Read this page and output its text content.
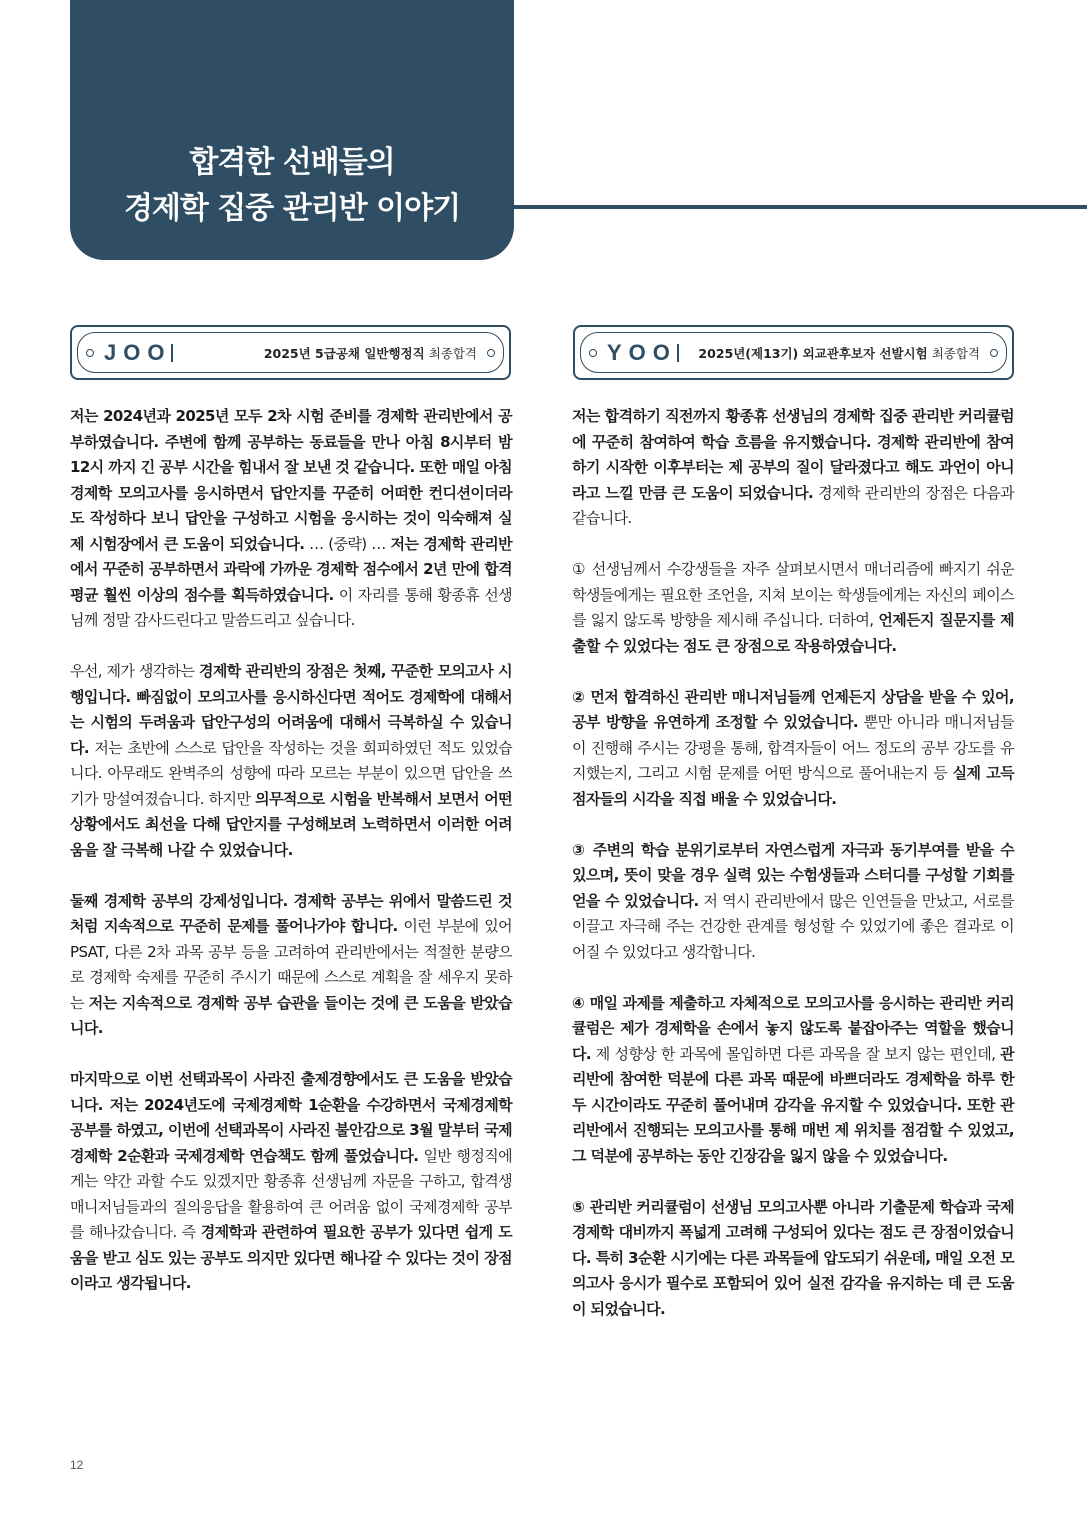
합격한 선배들의
경제학 집중 관리반 이야기
JOO	2025년 5급공채 일반행정직 최종합격	YOO 2025년(제13기) 외교관후보자 선발시험 최종합격

저는 2024년과 2025년 모두 2차 시험 준비를 경제학 관리반에서 공부하였습니다. 주변에 함께 공부하는 동료들을 만나 아침 8시부터 밤 12시 까지 긴 공부 시간을 힘내서 잘 보낸 것 같습니다. 또한 매일 아침 경제학 모의고사를 응시하면서 답안지를 꾸준히 어떠한 컨디션이더라도 작성하다 보니 답안을 구성하고 시험을 응시하는 것이 익숙해져 실제 시험장에서 큰 도움이 되었습니다. … (중략) … 저는 경제학 관리반에서 꾸준히 공부하면서 과락에 가까운 경제학 점수에서 2년 만에 합격 평균 훨씬 이상의 점수를 획득하였습니다. 이 자리를 통해 황종휴 선생님께 정말 감사드린다고 말씀드리고 싶습니다.

우선, 제가 생각하는 경제학 관리반의 장점은 첫째, 꾸준한 모의고사 시행입니다. 빠짐없이 모의고사를 응시하신다면 적어도 경제학에 대해서는 시험의 두려움과 답안구성의 어려움에 대해서 극복하실 수 있습니다. 저는 초반에 스스로 답안을 작성하는 것을 회피하였던 적도 있었습니다. 아무래도 완벽주의 성향에 따라 모르는 부분이 있으면 답안을 쓰기가 망설여졌습니다. 하지만 의무적으로 시험을 반복해서 보면서 어떤 상황에서도 최선을 다해 답안지를 구성해보려 노력하면서 이러한 어려움을 잘 극복해 나갈 수 있었습니다.

둘째 경제학 공부의 강제성입니다. 경제학 공부는 위에서 말씀드린 것처럼 지속적으로 꾸준히 문제를 풀어나가야 합니다. 이런 부분에 있어 PSAT, 다른 2차 과목 공부 등을 고려하여 관리반에서는 적절한 분량으로 경제학 숙제를 꾸준히 주시기 때문에 스스로 계획을 잘 세우지 못하는 저는 지속적으로 경제학 공부 습관을 들이는 것에 큰 도움을 받았습니다.

마지막으로 이번 선택과목이 사라진 출제경향에서도 큰 도움을 받았습니다. 저는 2024년도에 국제경제학 1순환을 수강하면서 국제경제학 공부를 하였고, 이번에 선택과목이 사라진 불안감으로 3월 말부터 국제경제학 2순환과 국제경제학 연습책도 함께 풀었습니다. 일반 행정직에게는 약간 과할 수도 있겠지만 황종휴 선생님께 자문을 구하고, 합격생 매니저님들과의 질의응답을 활용하여 큰 어려움 없이 국제경제학 공부를 해나갔습니다. 즉 경제학과 관련하여 필요한 공부가 있다면 쉽게 도움을 받고 심도 있는 공부도 의지만 있다면 해나갈 수 있다는 것이 장점이라고 생각됩니다.

저는 합격하기 직전까지 황종휴 선생님의 경제학 집중 관리반 커리큘럼에 꾸준히 참여하여 학습 흐름을 유지했습니다. 경제학 관리반에 참여하기 시작한 이후부터는 제 공부의 질이 달라졌다고 해도 과언이 아니라고 느낄 만큼 큰 도움이 되었습니다. 경제학 관리반의 장점은 다음과 같습니다.

① 선생님께서 수강생들을 자주 살펴보시면서 매너리즘에 빠지기 쉬운 학생들에게는 필요한 조언을, 지쳐 보이는 학생들에게는 자신의 페이스를 잃지 않도록 방향을 제시해 주십니다. 더하여, 언제든지 질문지를 제출할 수 있었다는 점도 큰 장점으로 작용하였습니다.

② 먼저 합격하신 관리반 매니저님들께 언제든지 상담을 받을 수 있어, 공부 방향을 유연하게 조정할 수 있었습니다. 뿐만 아니라 매니저님들이 진행해 주시는 강평을 통해, 합격자들이 어느 정도의 공부 강도를 유지했는지, 그리고 시험 문제를 어떤 방식으로 풀어내는지 등 실제 고득점자들의 시각을 직접 배울 수 있었습니다.

③ 주변의 학습 분위기로부터 자연스럽게 자극과 동기부여를 받을 수 있으며, 뜻이 맞을 경우 실력 있는 수험생들과 스터디를 구성할 기회를 얻을 수 있었습니다. 저 역시 관리반에서 많은 인연들을 만났고, 서로를 이끌고 자극해 주는 건강한 관계를 형성할 수 있었기에 좋은 결과로 이어질 수 있었다고 생각합니다.

④ 매일 과제를 제출하고 자체적으로 모의고사를 응시하는 관리반 커리큘럼은 제가 경제학을 손에서 놓지 않도록 붙잡아주는 역할을 했습니다. 제 성향상 한 과목에 몰입하면 다른 과목을 잘 보지 않는 편인데, 관리반에 참여한 덕분에 다른 과목 때문에 바쁘더라도 경제학을 하루 한두 시간이라도 꾸준히 풀어내며 감각을 유지할 수 있었습니다. 또한 관리반에서 진행되는 모의고사를 통해 매번 제 위치를 점검할 수 있었고, 그 덕분에 공부하는 동안 긴장감을 잃지 않을 수 있었습니다.

⑤ 관리반 커리큘럼이 선생님 모의고사뿐 아니라 기출문제 학습과 국제경제학 대비까지 폭넓게 고려해 구성되어 있다는 점도 큰 장점이었습니다. 특히 3순환 시기에는 다른 과목들에 압도되기 쉬운데, 매일 오전 모의고사 응시가 필수로 포함되어 있어 실전 감각을 유지하는 데 큰 도움이 되었습니다.

12
